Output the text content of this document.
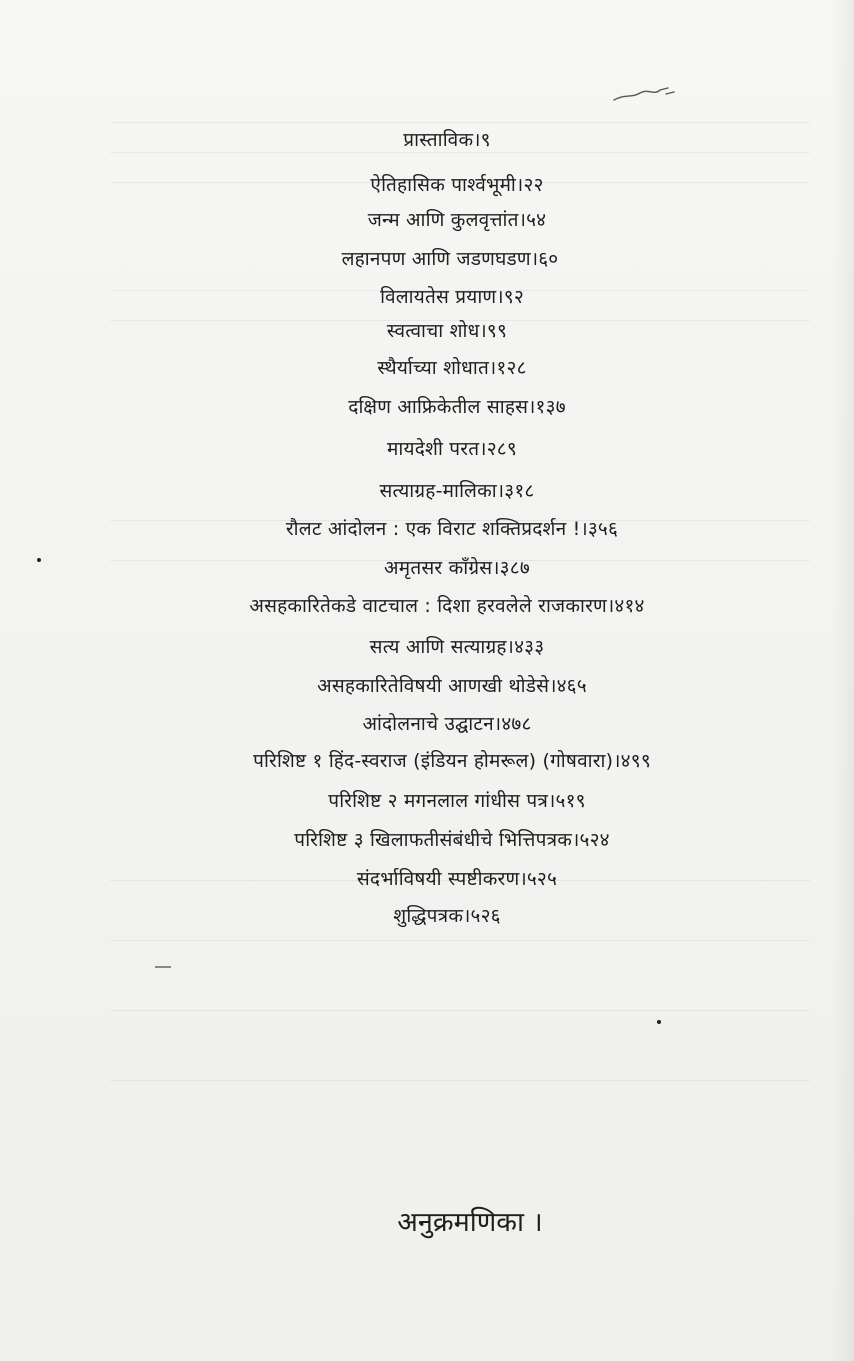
प्रास्ताविक।९
ऐतिहासिक पार्श्वभूमी।२२
जन्म आणि कुलवृत्तांत।५४
लहानपण आणि जडणघडण।६०
विलायतेस प्रयाण।९२
स्वत्वाचा शोध।९९
स्थैर्याच्या शोधात।१२८
दक्षिण आफ्रिकेतील साहस।१३७
मायदेशी परत।२८९
सत्याग्रह-मालिका।३१८
रौलट आंदोलन : एक विराट शक्तिप्रदर्शन !।३५६
अमृतसर काँग्रेस।३८७
असहकारितेकडे वाटचाल : दिशा हरवलेले राजकारण।४१४
सत्य आणि सत्याग्रह।४३३
असहकारितेविषयी आणखी थोडेसे।४६५
आंदोलनाचे उद्घाटन।४७८
परिशिष्ट १ हिंद-स्वराज (इंडियन होमरूल) (गोषवारा)।४९९
परिशिष्ट २ मगनलाल गांधीस पत्र।५१९
परिशिष्ट ३ खिलाफतीसंबंधीचे भित्तिपत्रक।५२४
संदर्भाविषयी स्पष्टीकरण।५२५
शुद्धिपत्रक।५२६
अनुक्रमणिका ।
